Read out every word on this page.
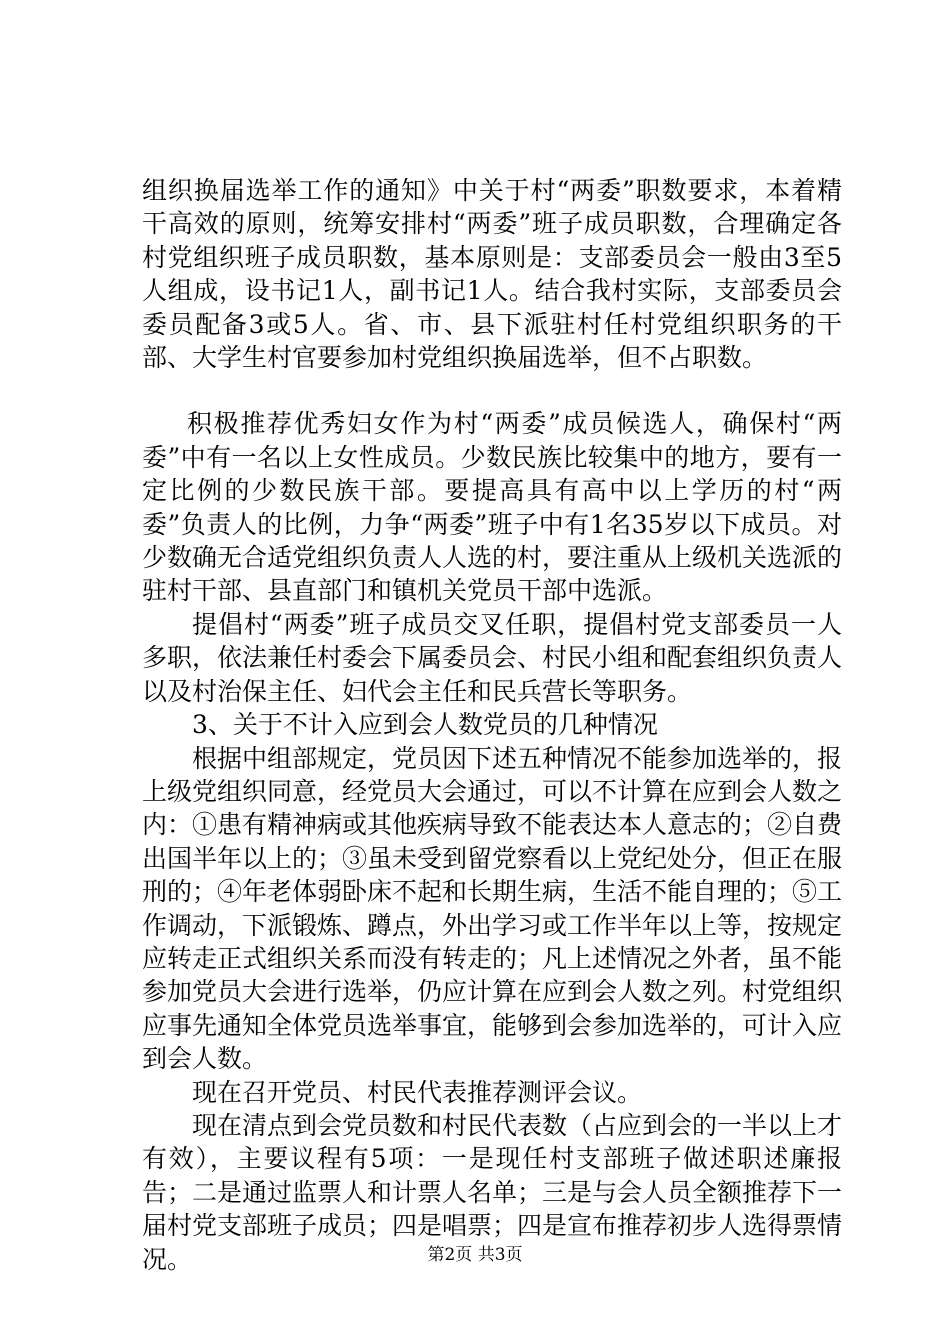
组织换届选举工作的通知》中关于村“两委”职数要求，本着精干高效的原则，统筹安排村“两委”班子成员职数，合理确定各村党组织班子成员职数，基本原则是：支部委员会一般由3至5人组成，设书记1人，副书记1人。结合我村实际，支部委员会委员配备3或5人。省、市、县下派驻村任村党组织职务的干部、大学生村官要参加村党组织换届选举，但不占职数。

积极推荐优秀妇女作为村“两委”成员候选人，确保村“两委”中有一名以上女性成员。少数民族比较集中的地方，要有一定比例的少数民族干部。要提高具有高中以上学历的村“两委”负责人的比例，力争“两委”班子中有1名35岁以下成员。对少数确无合适党组织负责人人选的村，要注重从上级机关选派的驻村干部、县直部门和镇机关党员干部中选派。

提倡村“两委”班子成员交叉任职，提倡村党支部委员一人多职，依法兼任村委会下属委员会、村民小组和配套组织负责人以及村治保主任、妇代会主任和民兵营长等职务。

3、关于不计入应到会人数党员的几种情况

根据中组部规定，党员因下述五种情况不能参加选举的，报上级党组织同意，经党员大会通过，可以不计算在应到会人数之内：①患有精神病或其他疾病导致不能表达本人意志的；②自费出国半年以上的；③虽未受到留党察看以上党纪处分，但正在服刑的；④年老体弱卧床不起和长期生病，生活不能自理的；⑤工作调动，下派锻炼、蹲点，外出学习或工作半年以上等，按规定应转走正式组织关系而没有转走的；凡上述情况之外者，虽不能参加党员大会进行选举，仍应计算在应到会人数之列。村党组织应事先通知全体党员选举事宜，能够到会参加选举的，可计入应到会人数。

现在召开党员、村民代表推荐测评会议。

现在清点到会党员数和村民代表数（占应到会的一半以上才有效），主要议程有5项：一是现任村支部班子做述职述廉报告；二是通过监票人和计票人名单；三是与会人员全额推荐下一届村党支部班子成员；四是唱票；四是宣布推荐初步人选得票情况。	第2页 共3页
